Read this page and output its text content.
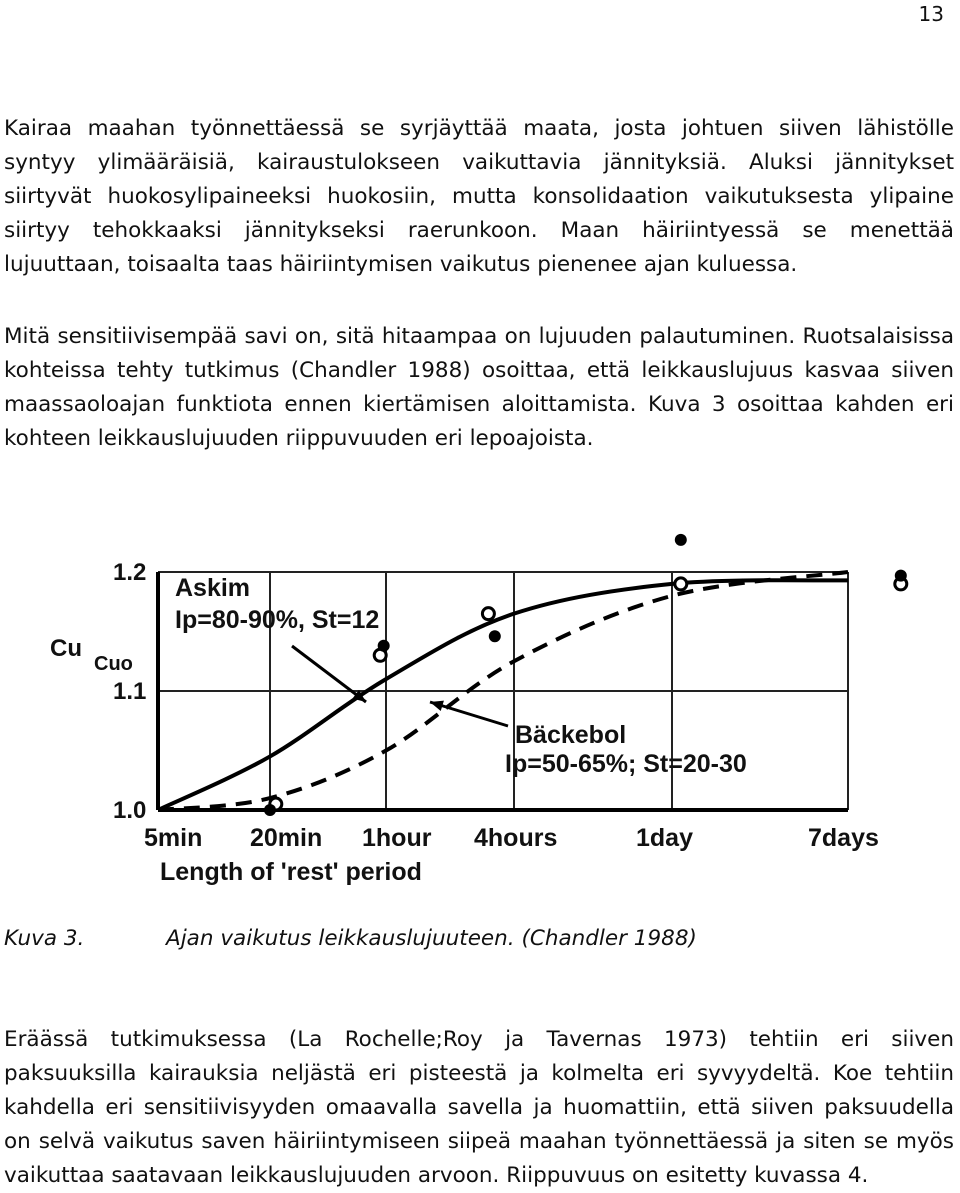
13

Kairaa maahan työnnettäessä se syrjäyttää maata, josta johtuen siiven lähistölle syntyy ylimääräisiä, kairaustulokseen vaikuttavia jännityksiä. Aluksi jännitykset siirtyvät huokosylipaineeksi huokosiin, mutta konsolidaation vaikutuksesta ylipaine siirtyy tehokkaaksi jännitykseksi raerunkoon. Maan häiriintyessä se menettää lujuuttaan, toisaalta taas häiriintymisen vaikutus pienenee ajan kuluessa.

Mitä sensitiivisempää savi on, sitä hitaampaa on lujuuden palautuminen. Ruotsalaisissa kohteissa tehty tutkimus (Chandler 1988) osoittaa, että leikkauslujuus kasvaa siiven maassaoloajan funktiota ennen kiertämisen aloittamista. Kuva 3 osoittaa kahden eri kohteen leikkauslujuuden riippuvuuden eri lepoajoista.

1.0
1.1
1.2
5min 20min 1hour 4hours	1day	7days
Cu
Cuo
Length of 'rest' period
Askim
Ip=80-90%, St=12
Bäckebol
Ip=50-65%; St=20-30
Kuva 3.	Ajan vaikutus leikkauslujuuteen. (Chandler 1988)

Eräässä tutkimuksessa (La Rochelle;Roy ja Tavernas 1973) tehtiin eri siiven paksuuksilla kairauksia neljästä eri pisteestä ja kolmelta eri syvyydeltä. Koe tehtiin kahdella eri sensitiivisyyden omaavalla savella ja huomattiin, että siiven paksuudella on selvä vaikutus saven häiriintymiseen siipeä maahan työnnettäessä ja siten se myös vaikuttaa saatavaan leikkauslujuuden arvoon. Riippuvuus on esitetty kuvassa 4.
